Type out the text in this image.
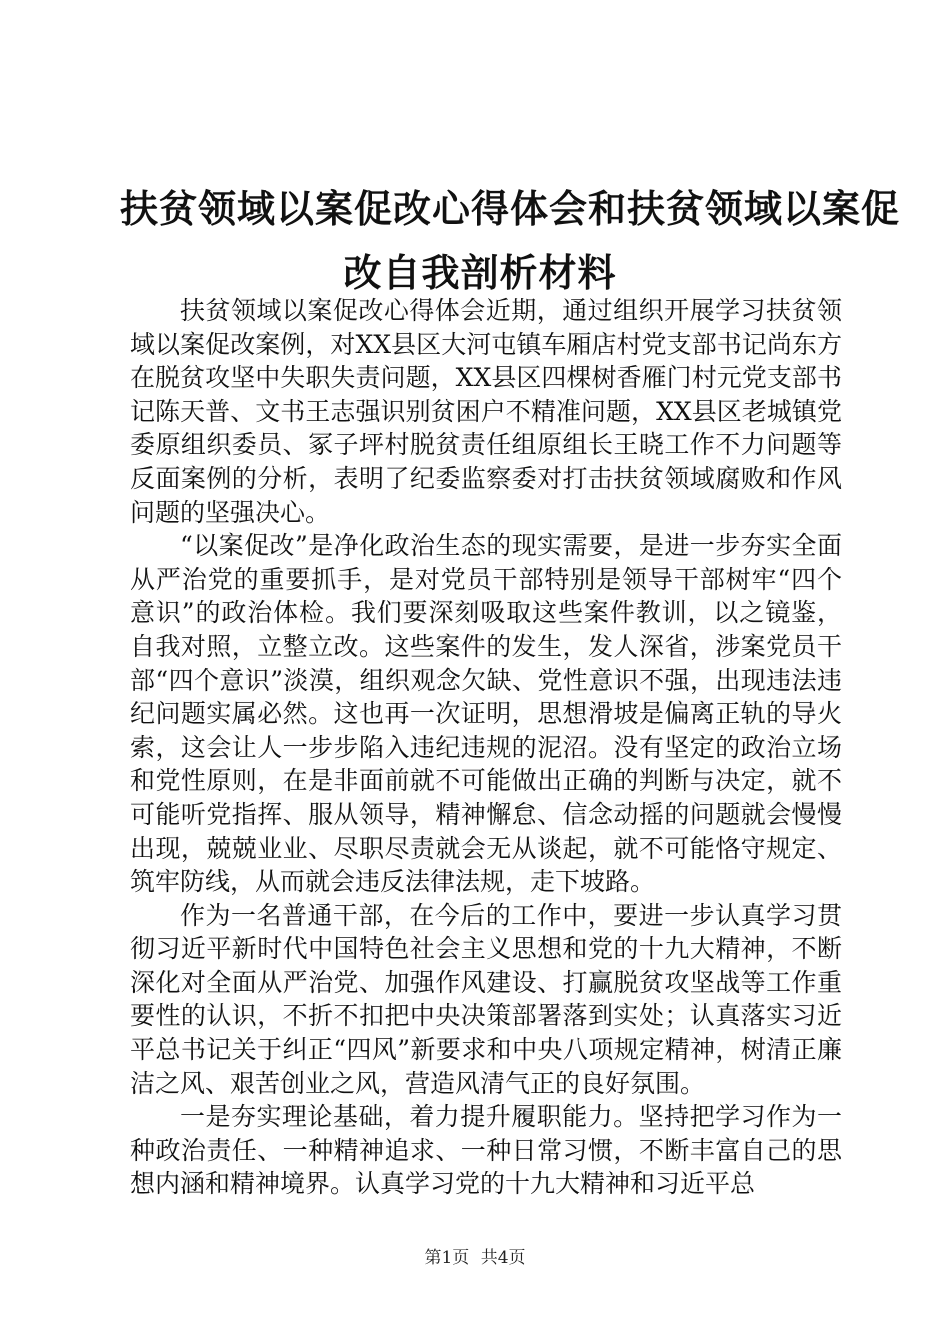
扶贫领域以案促改心得体会和扶贫领域以案促
改自我剖析材料

扶贫领域以案促改心得体会近期，通过组织开展学习扶贫领域以案促改案例，对XX县区大河屯镇车厢店村党支部书记尚东方在脱贫攻坚中失职失责问题，XX县区四棵树香雁门村元党支部书记陈天普、文书王志强识别贫困户不精准问题，XX县区老城镇党委原组织委员、冢子坪村脱贫责任组原组长王晓工作不力问题等反面案例的分析，表明了纪委监察委对打击扶贫领域腐败和作风问题的坚强决心。

“以案促改”是净化政治生态的现实需要，是进一步夯实全面从严治党的重要抓手，是对党员干部特别是领导干部树牢“四个意识”的政治体检。我们要深刻吸取这些案件教训，以之镜鉴，自我对照，立整立改。这些案件的发生，发人深省，涉案党员干部“四个意识”淡漠，组织观念欠缺、党性意识不强，出现违法违纪问题实属必然。这也再一次证明，思想滑坡是偏离正轨的导火索，这会让人一步步陷入违纪违规的泥沼。没有坚定的政治立场和党性原则，在是非面前就不可能做出正确的判断与决定，就不可能听党指挥、服从领导，精神懈怠、信念动摇的问题就会慢慢出现，兢兢业业、尽职尽责就会无从谈起，就不可能恪守规定、筑牢防线，从而就会违反法律法规，走下坡路。

作为一名普通干部，在今后的工作中，要进一步认真学习贯彻习近平新时代中国特色社会主义思想和党的十九大精神，不断深化对全面从严治党、加强作风建设、打赢脱贫攻坚战等工作重要性的认识，不折不扣把中央决策部署落到实处；认真落实习近平总书记关于纠正“四风”新要求和中央八项规定精神，树清正廉洁之风、艰苦创业之风，营造风清气正的良好氛围。

一是夯实理论基础，着力提升履职能力。坚持把学习作为一种政治责任、一种精神追求、一种日常习惯，不断丰富自己的思想内涵和精神境界。认真学习党的十九大精神和习近平总

第1页 共4页
